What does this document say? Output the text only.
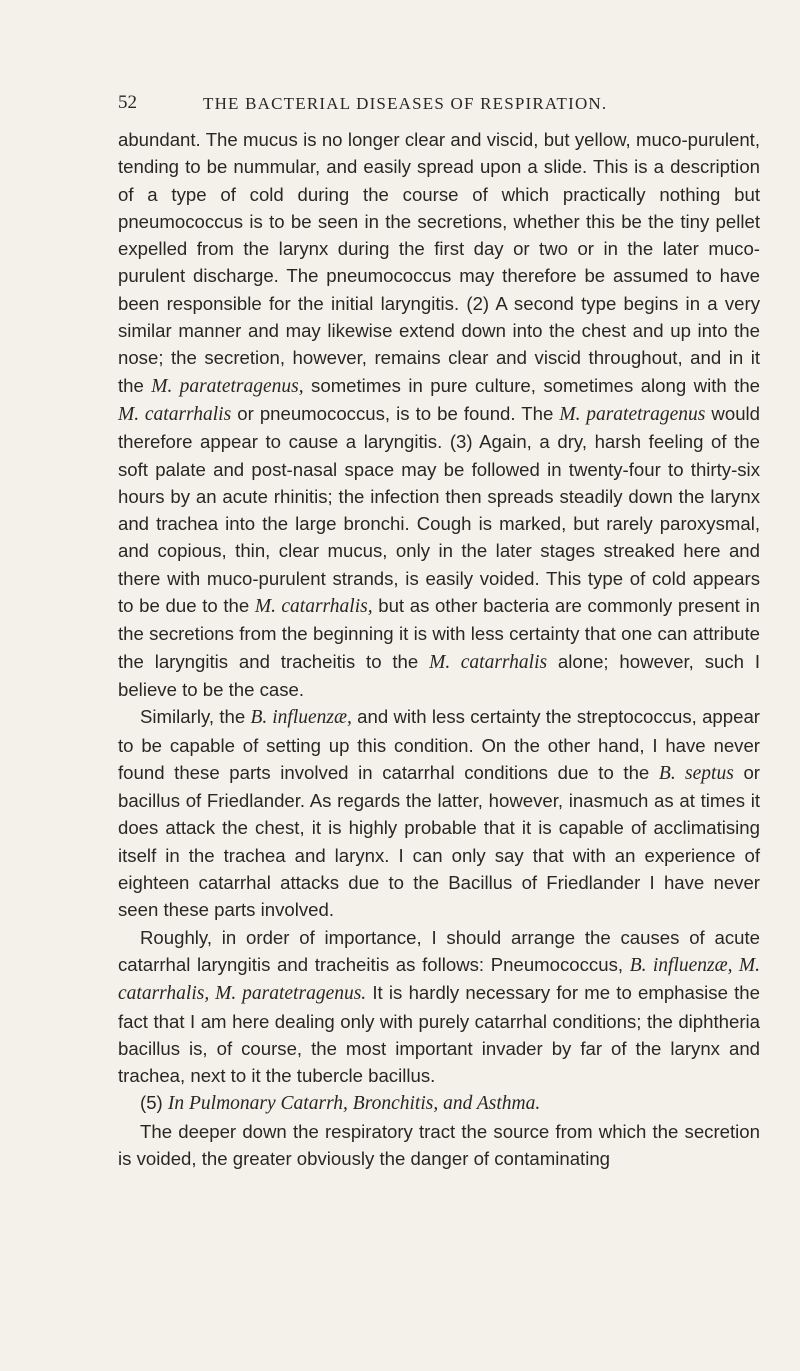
52	THE BACTERIAL DISEASES OF RESPIRATION.

abundant. The mucus is no longer clear and viscid, but yellow, muco-purulent, tending to be nummular, and easily spread upon a slide. This is a description of a type of cold during the course of which practically nothing but pneumococcus is to be seen in the secretions, whether this be the tiny pellet expelled from the larynx during the first day or two or in the later muco-purulent discharge. The pneumococcus may therefore be assumed to have been responsible for the initial laryngitis. (2) A second type begins in a very similar manner and may likewise extend down into the chest and up into the nose; the secretion, however, remains clear and viscid throughout, and in it the M. paratetragenus, sometimes in pure culture, sometimes along with the M. catarrhalis or pneumococcus, is to be found. The M. paratetragenus would therefore appear to cause a laryngitis. (3) Again, a dry, harsh feeling of the soft palate and post-nasal space may be followed in twenty-four to thirty-six hours by an acute rhinitis; the infection then spreads steadily down the larynx and trachea into the large bronchi. Cough is marked, but rarely paroxysmal, and copious, thin, clear mucus, only in the later stages streaked here and there with muco-purulent strands, is easily voided. This type of cold appears to be due to the M. catarrhalis, but as other bacteria are commonly present in the secretions from the beginning it is with less certainty that one can attribute the laryngitis and tracheitis to the M. catarrhalis alone; however, such I believe to be the case.

Similarly, the B. influenzæ, and with less certainty the streptococcus, appear to be capable of setting up this condition. On the other hand, I have never found these parts involved in catarrhal conditions due to the B. septus or bacillus of Friedlander. As regards the latter, however, inasmuch as at times it does attack the chest, it is highly probable that it is capable of acclimatising itself in the trachea and larynx. I can only say that with an experience of eighteen catarrhal attacks due to the Bacillus of Friedlander I have never seen these parts involved.

Roughly, in order of importance, I should arrange the causes of acute catarrhal laryngitis and tracheitis as follows: Pneumococcus, B. influenzæ, M. catarrhalis, M. paratetragenus. It is hardly necessary for me to emphasise the fact that I am here dealing only with purely catarrhal conditions; the diphtheria bacillus is, of course, the most important invader by far of the larynx and trachea, next to it the tubercle bacillus.

(5) In Pulmonary Catarrh, Bronchitis, and Asthma.

The deeper down the respiratory tract the source from which the secretion is voided, the greater obviously the danger of contaminating
